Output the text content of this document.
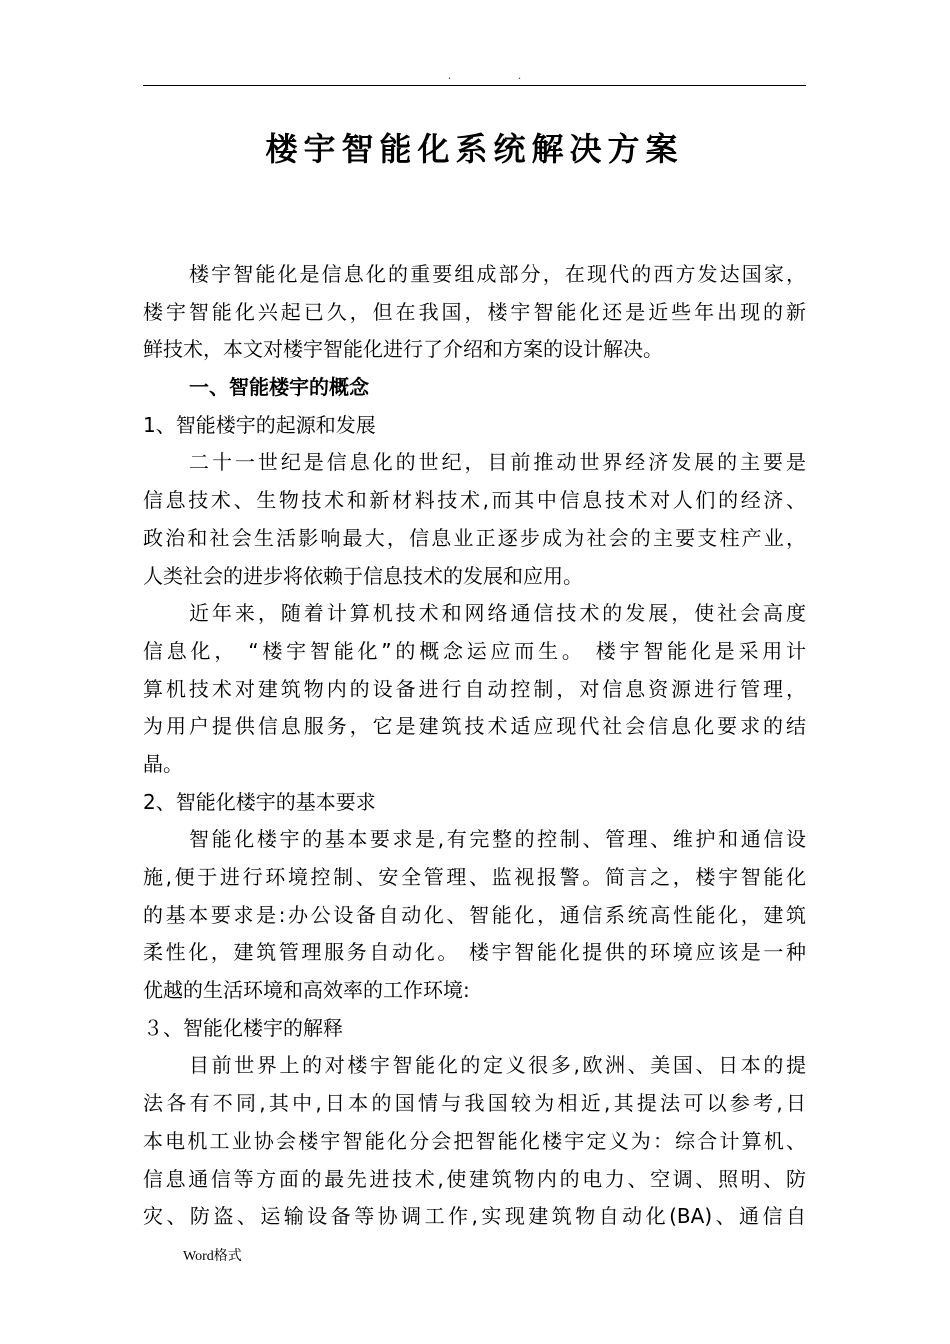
. .
楼宇智能化系统解决方案
楼宇智能化是信息化的重要组成部分，在现代的西方发达国家，
楼宇智能化兴起已久，但在我国，楼宇智能化还是近些年出现的新
鲜技术，本文对楼宇智能化进行了介绍和方案的设计解决。
一、智能楼宇的概念
1、智能楼宇的起源和发展
二十一世纪是信息化的世纪，目前推动世界经济发展的主要是
信息技术、生物技术和新材料技术,而其中信息技术对人们的经济、
政治和社会生活影响最大，信息业正逐步成为社会的主要支柱产业，
人类社会的进步将依赖于信息技术的发展和应用。
近年来，随着计算机技术和网络通信技术的发展，使社会高度
信息化， “楼宇智能化”的概念运应而生。 楼宇智能化是采用计
算机技术对建筑物内的设备进行自动控制，对信息资源进行管理，
为用户提供信息服务，它是建筑技术适应现代社会信息化要求的结
晶。
2、智能化楼宇的基本要求
智能化楼宇的基本要求是,有完整的控制、管理、维护和通信设
施,便于进行环境控制、安全管理、监视报警。简言之，楼宇智能化
的基本要求是:办公设备自动化、智能化，通信系统高性能化，建筑
柔性化，建筑管理服务自动化。 楼宇智能化提供的环境应该是一种
优越的生活环境和高效率的工作环境:
３、智能化楼宇的解释
目前世界上的对楼宇智能化的定义很多,欧洲、美国、日本的提
法各有不同,其中,日本的国情与我国较为相近,其提法可以参考,日
本电机工业协会楼宇智能化分会把智能化楼宇定义为：综合计算机、
信息通信等方面的最先进技术,使建筑物内的电力、空调、照明、防
灾、防盗、运输设备等协调工作,实现建筑物自动化(BA)、通信自
Word格式
